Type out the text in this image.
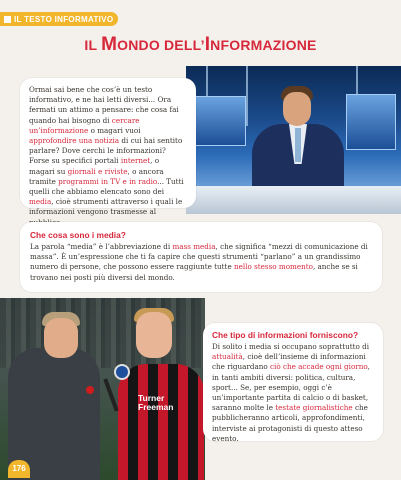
IL TESTO INFORMATIVO
IL MONDO DELL’INFORMAZIONE
Ormai sai bene che cos’è un testo informativo, e ne hai letti diversi... Ora fermati un attimo a pensare: che cosa fai quando hai bisogno di cercare un’informazione o magari vuoi approfondire una notizia di cui hai sentito parlare? Dove cerchi le informazioni? Forse su specifici portali internet, o magari su giornali e riviste, o ancora tramite programmi in TV e in radio... Tutti quelli che abbiamo elencato sono dei media, cioè strumenti attraverso i quali le informazioni vengono trasmesse al
Che cosa sono i media?
La parola “media” è l’abbreviazione di mass media, che significa “mezzi di comunicazione di massa”. È un’espressione che ti fa capire che questi strumenti “parlano” a un grandissimo numero di persone, che possono essere raggiunte tutte nello stesso momento, anche se si trovano nei posti più diversi del mondo.
Turner Freeman
Che tipo di informazioni forniscono?
Di solito i media si occupano soprattutto di attualità, cioè dell’insieme di informazioni che riguardano ciò che accade ogni giorno, in tanti ambiti diversi: politica, cultura, sport... Se, per esempio, oggi c’è un’importante partita di calcio o di basket, saranno molte le testate giornalistiche che pubblicheranno articoli, approfondimenti, interviste ai protagonisti di questo atteso evento.
176
